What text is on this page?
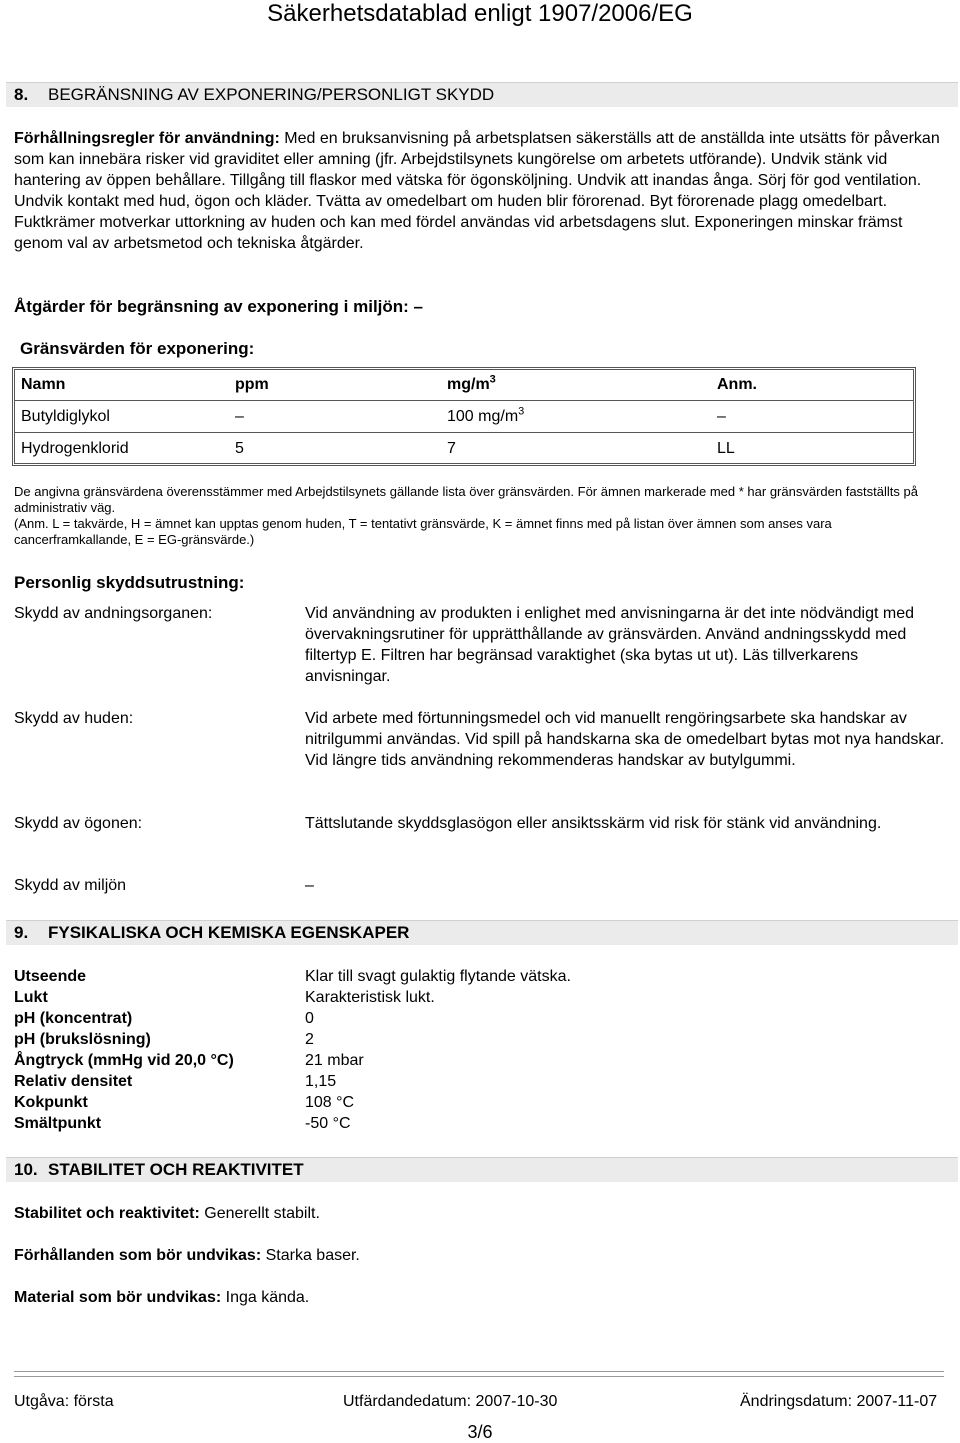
Säkerhetsdatablad enligt 1907/2006/EG
8. BEGRÄNSNING AV EXPONERING/PERSONLIGT SKYDD
Förhållningsregler för användning: Med en bruksanvisning på arbetsplatsen säkerställs att de anställda inte utsätts för påverkan som kan innebära risker vid graviditet eller amning (jfr. Arbejdstilsynets kungörelse om arbetets utförande). Undvik stänk vid hantering av öppen behållare. Tillgång till flaskor med vätska för ögonsköljning. Undvik att inandas ånga. Sörj för god ventilation. Undvik kontakt med hud, ögon och kläder. Tvätta av omedelbart om huden blir förorenad. Byt förorenade plagg omedelbart. Fuktkrämer motverkar uttorkning av huden och kan med fördel användas vid arbetsdagens slut. Exponeringen minskar främst genom val av arbetsmetod och tekniska åtgärder.
Åtgärder för begränsning av exponering i miljön: –
Gränsvärden för exponering:
Namn	ppm	$mg/m^3$	Anm.
Butyldiglykol	–	100 $mg/m^3$	–
Hydrogenklorid	5	7	LL
De angivna gränsvärdena överensstämmer med Arbejdstilsynets gällande lista över gränsvärden. För ämnen markerade med * har gränsvärden fastställts på administrativ väg.
(Anm. L = takvärde, H = ämnet kan upptas genom huden, T = tentativt gränsvärde, K = ämnet finns med på listan över ämnen som anses vara cancerframkallande, E = EG-gränsvärde.)
Personlig skyddsutrustning:
Skydd av andningsorganen:	Vid användning av produkten i enlighet med anvisningarna är det inte nödvändigt med övervakningsrutiner för upprätthållande av gränsvärden. Använd andningsskydd med filtertyp E. Filtren har begränsad varaktighet (ska bytas ut ut). Läs tillverkarens anvisningar.
Skydd av huden:	Vid arbete med förtunningsmedel och vid manuellt rengöringsarbete ska handskar av nitrilgummi användas. Vid spill på handskarna ska de omedelbart bytas mot nya handskar. Vid längre tids användning rekommenderas handskar av butylgummi.
Skydd av ögonen:	Tättslutande skyddsglasögon eller ansiktsskärm vid risk för stänk vid användning.
Skydd av miljön	–
9. FYSIKALISKA OCH KEMISKA EGENSKAPER
Utseende	Klar till svagt gulaktig flytande vätska.
Lukt	Karakteristisk lukt.
pH (koncentrat)	0
pH (brukslösning)	2
Ångtryck (mmHg vid 20,0 °C)	21 mbar
Relativ densitet	1,15
Kokpunkt	108 °C
Smältpunkt	-50 °C
10. STABILITET OCH REAKTIVITET
Stabilitet och reaktivitet: Generellt stabilt.
Förhållanden som bör undvikas: Starka baser.
Material som bör undvikas: Inga kända.
Utgåva: första	Utfärdandedatum: 2007-10-30	Ändringsdatum: 2007-11-07
3/6
